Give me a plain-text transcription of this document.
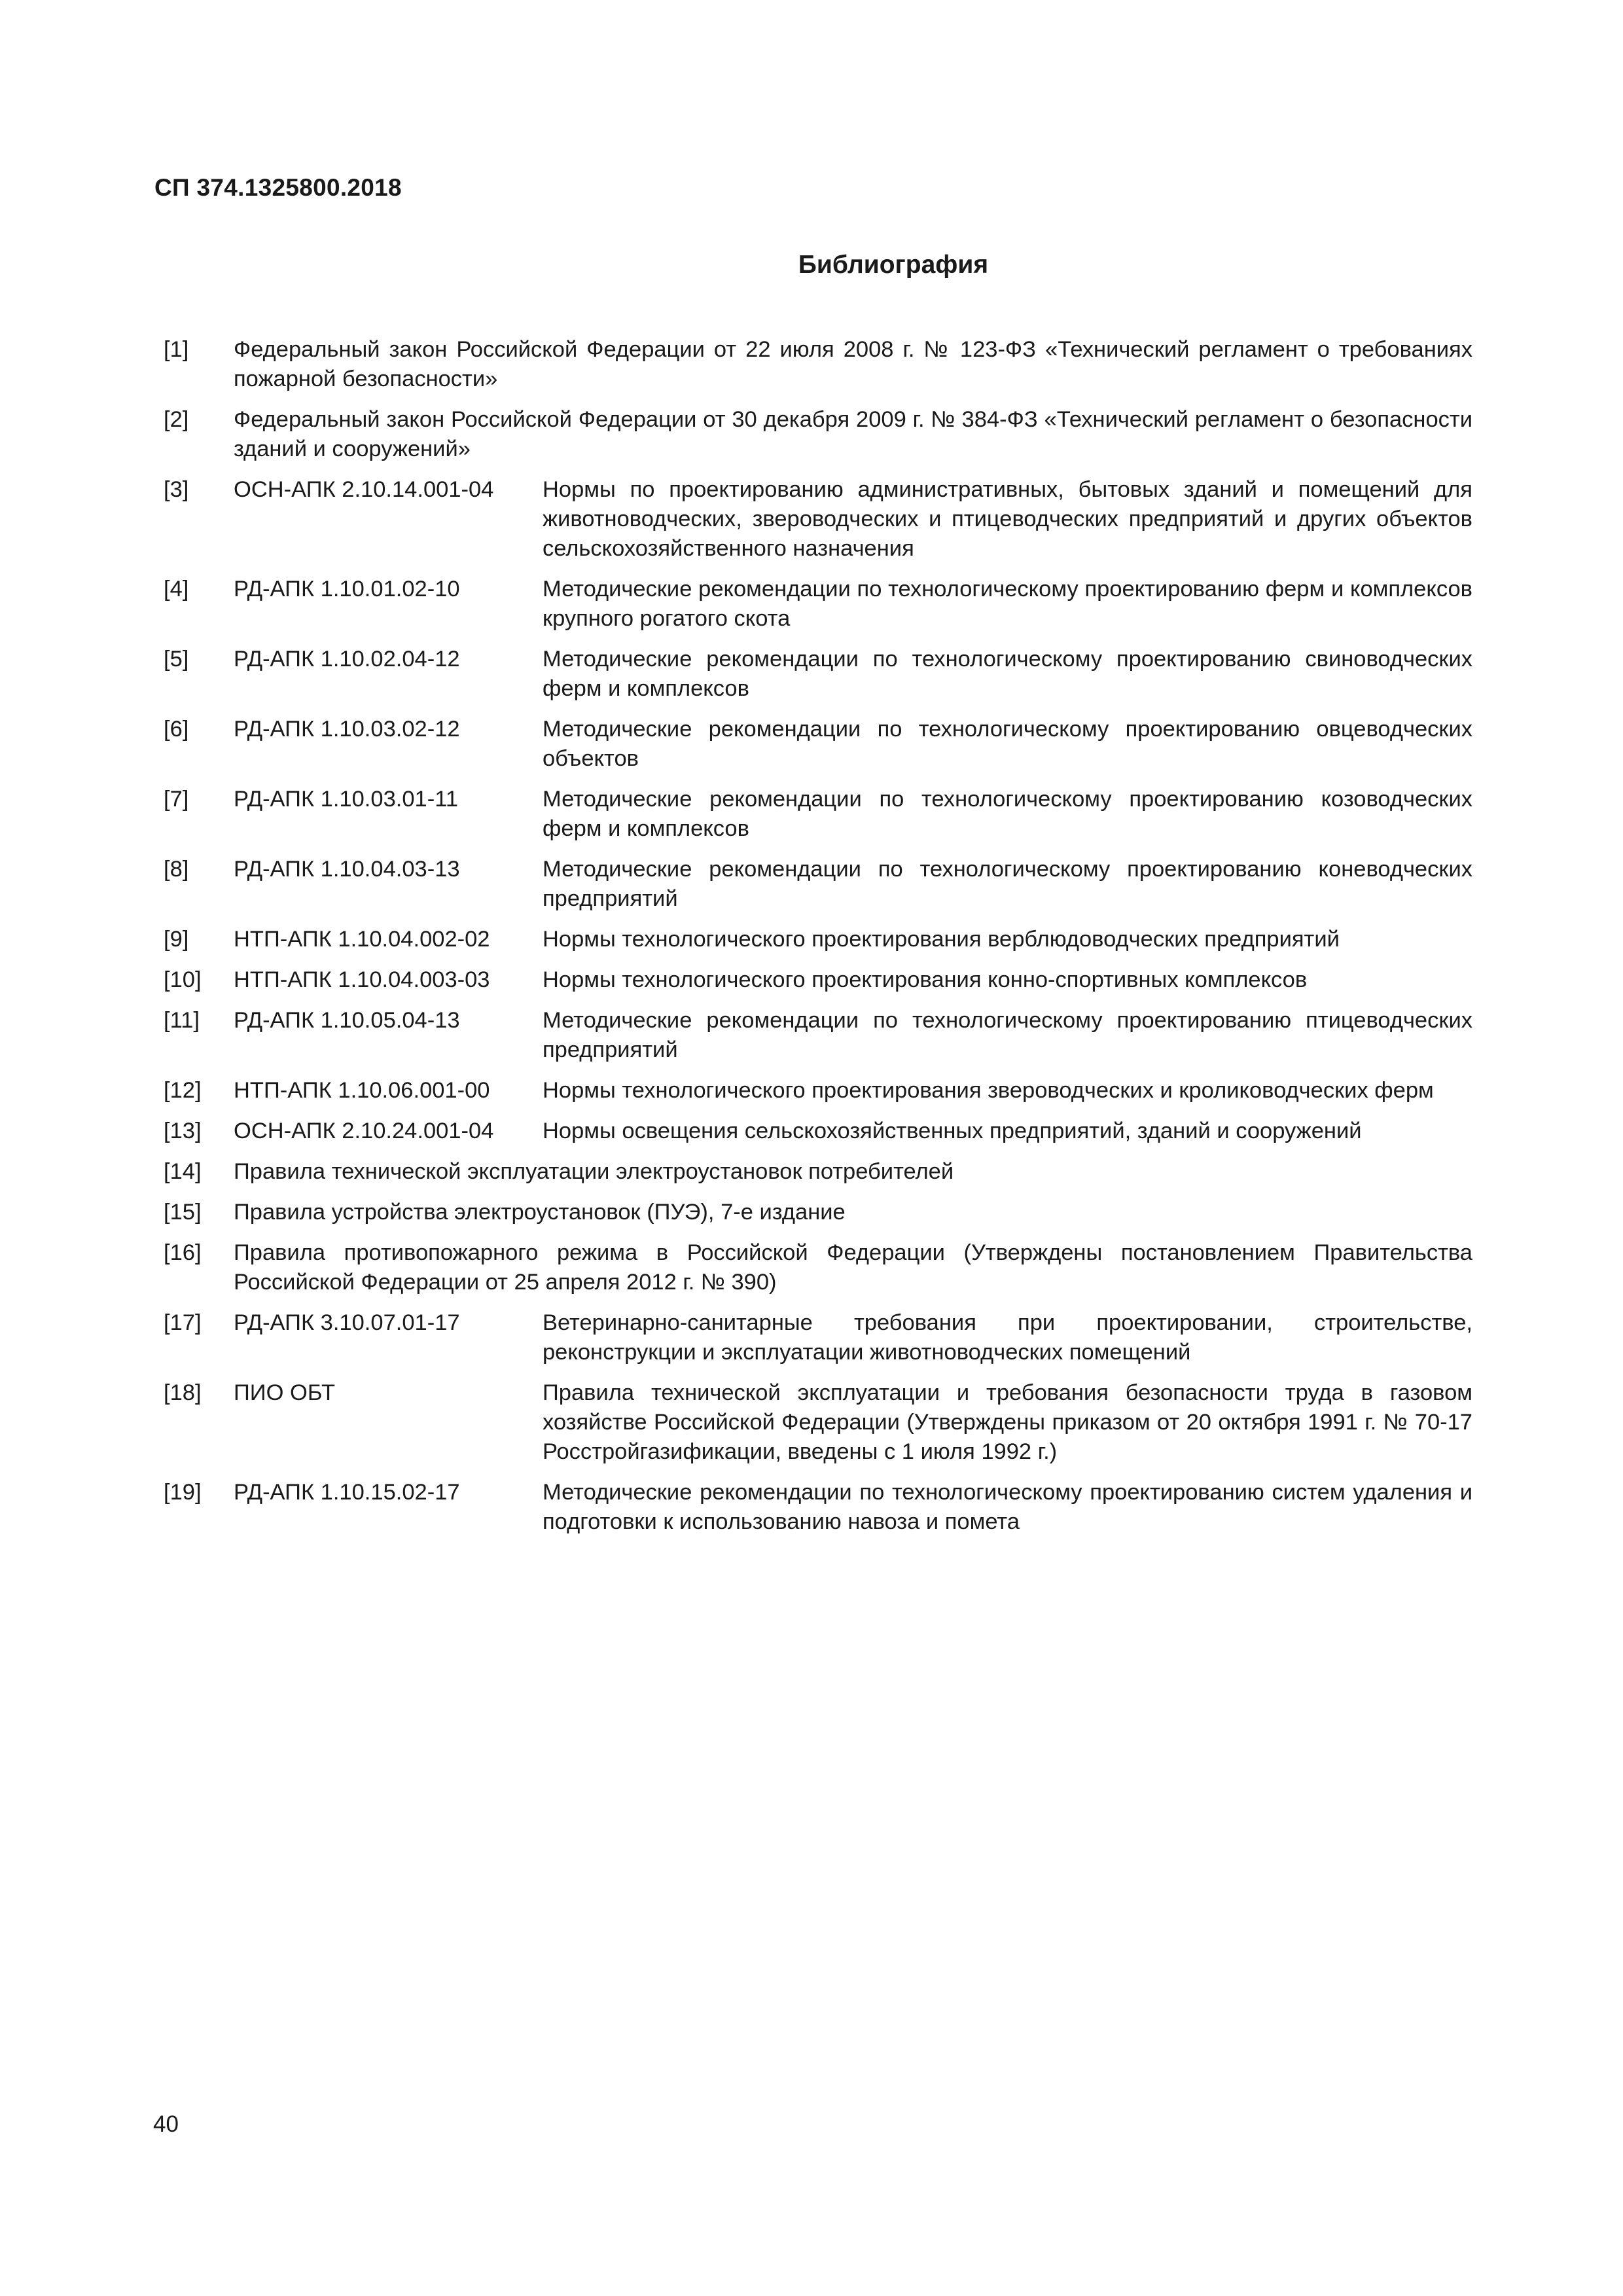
СП 374.1325800.2018
Библиография
[1]	Федеральный закон Российской Федерации от 22 июля 2008 г. № 123-ФЗ «Технический регламент о требованиях пожарной безопасности»
[2]	Федеральный закон Российской Федерации от 30 декабря 2009 г. № 384-ФЗ «Технический регламент о безопасности зданий и сооружений»
[3]	ОСН-АПК 2.10.14.001-04	Нормы по проектированию административных, бытовых зданий и помещений для животноводческих, звероводческих и птицеводческих предприятий и других объектов сельскохозяйственного назначения
[4]	РД-АПК 1.10.01.02-10	Методические рекомендации по технологическому проектированию ферм и комплексов крупного рогатого скота
[5]	РД-АПК 1.10.02.04-12	Методические рекомендации по технологическому проектированию свиноводческих ферм и комплексов
[6]	РД-АПК 1.10.03.02-12	Методические рекомендации по технологическому проектированию овцеводческих объектов
[7]	РД-АПК 1.10.03.01-11	Методические рекомендации по технологическому проектированию козоводческих ферм и комплексов
[8]	РД-АПК 1.10.04.03-13	Методические рекомендации по технологическому проектированию коневодческих предприятий
[9]	НТП-АПК 1.10.04.002-02	Нормы технологического проектирования верблюдоводческих предприятий
[10]	НТП-АПК 1.10.04.003-03	Нормы технологического проектирования конно-спортивных комплексов
[11]	РД-АПК 1.10.05.04-13	Методические рекомендации по технологическому проектированию птицеводческих предприятий
[12]	НТП-АПК 1.10.06.001-00	Нормы технологического проектирования звероводческих и кролиководческих ферм
[13]	ОСН-АПК 2.10.24.001-04	Нормы освещения сельскохозяйственных предприятий, зданий и сооружений
[14]	Правила технической эксплуатации электроустановок потребителей
[15]	Правила устройства электроустановок (ПУЭ), 7-е издание
[16]	Правила противопожарного режима в Российской Федерации (Утверждены постановлением Правительства Российской Федерации от 25 апреля 2012 г. № 390)
[17]	РД-АПК 3.10.07.01-17	Ветеринарно-санитарные требования при проектировании, строительстве, реконструкции и эксплуатации животноводческих помещений
[18]	ПИО ОБТ	Правила технической эксплуатации и требования безопасности труда в газовом хозяйстве Российской Федерации (Утверждены приказом от 20 октября 1991 г. № 70-17 Росстройгазификации, введены с 1 июля 1992 г.)
[19]	РД-АПК 1.10.15.02-17	Методические рекомендации по технологическому проектированию систем удаления и подготовки к использованию навоза и помета
40
